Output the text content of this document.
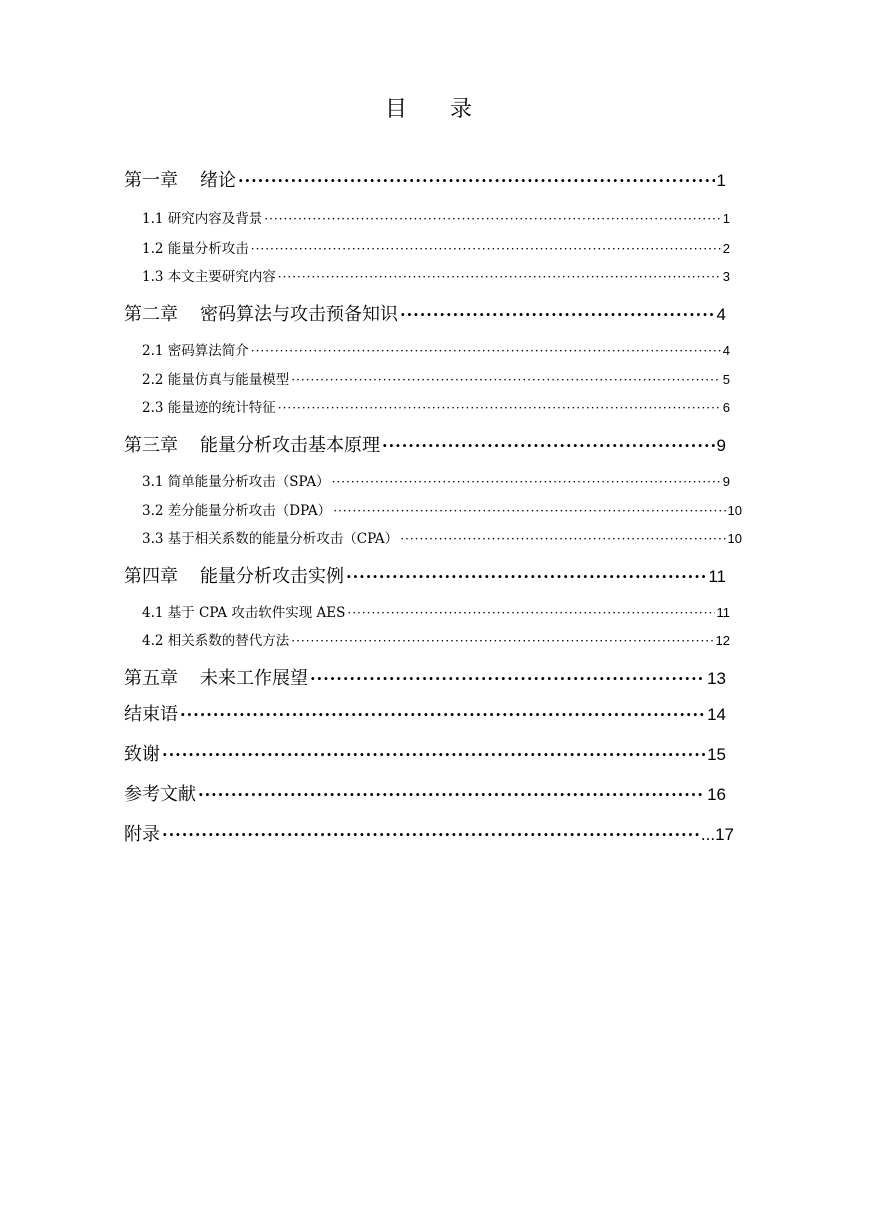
目 录
第一章 绪论 ·····	1
1.1 研究内容及背景 ·····	1
1.2 能量分析攻击 ·····	2
1.3 本文主要研究内容 ·····	3
第二章 密码算法与攻击预备知识 ·····	4
2.1 密码算法简介 ·····	4
2.2 能量仿真与能量模型 ·····	5
2.3 能量迹的统计特征 ·····	6
第三章 能量分析攻击基本原理 ·····	9
3.1 简单能量分析攻击（SPA） ·····	9
3.2 差分能量分析攻击（DPA） ·····	10
3.3 基于相关系数的能量分析攻击（CPA） ·····	10
第四章 能量分析攻击实例 ·····	11
4.1 基于 CPA 攻击软件实现 AES ·····	11
4.2 相关系数的替代方法 ·····	12
第五章 未来工作展望 ·····	13
结束语 ·····	14
致谢 ·····	15
参考文献 ·····	16
附录 ·····	...17
